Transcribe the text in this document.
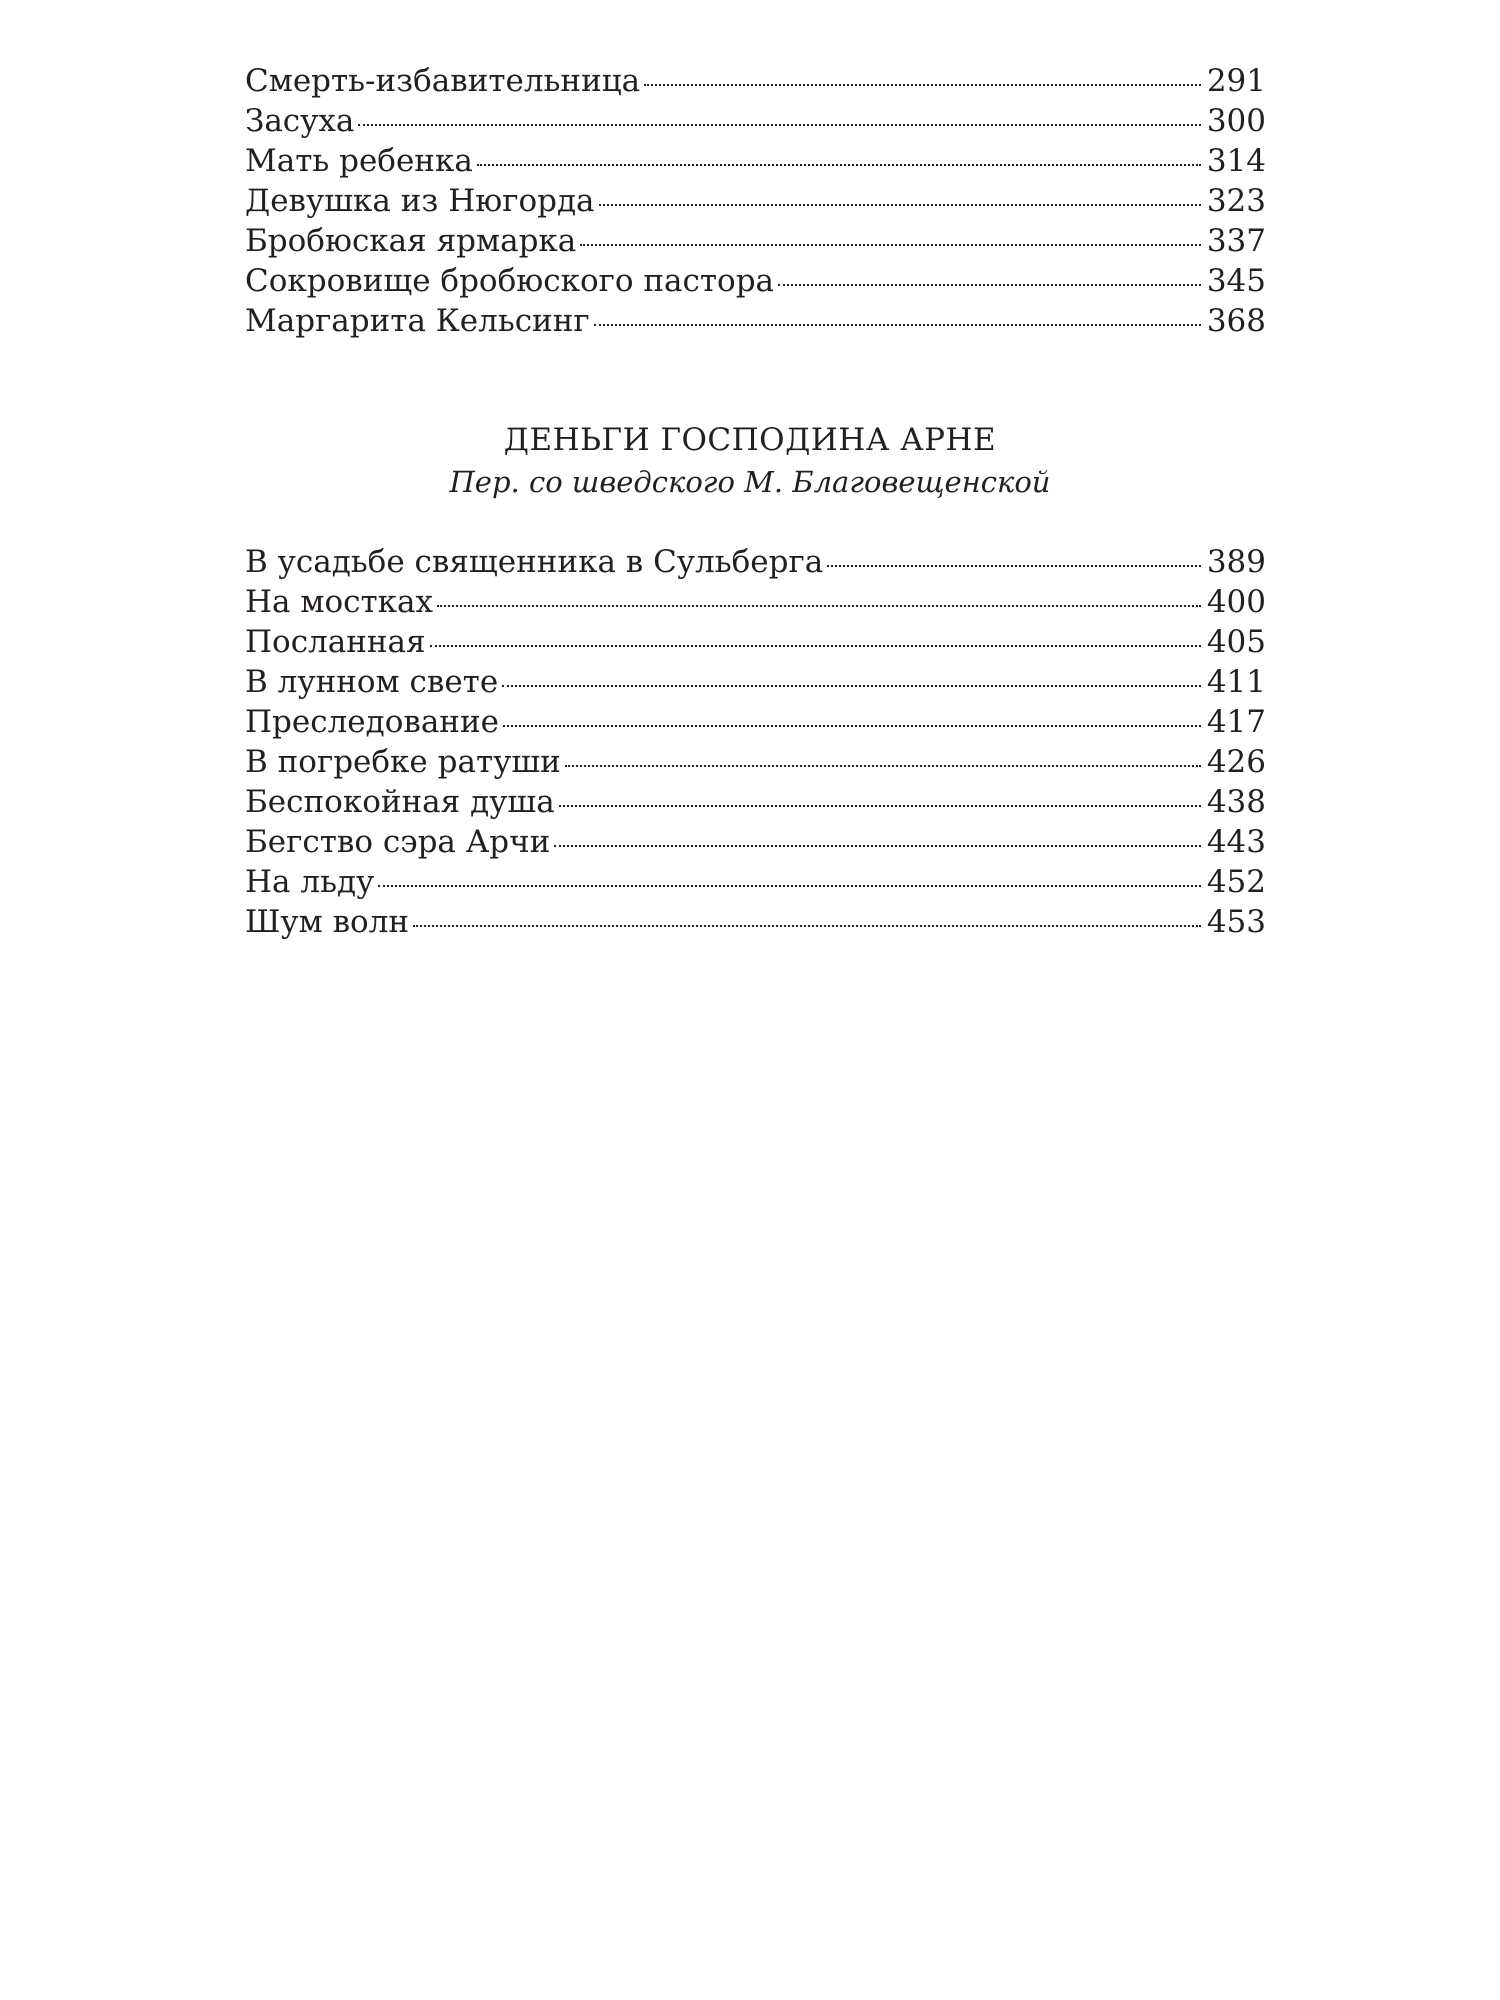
Смерть-избавительница	291
Засуха	300
Мать ребенка	314
Девушка из Нюгорда	323
Бробюская ярмарка	337
Сокровище бробюского пастора	345
Маргарита Кельсинг	368
ДЕНЬГИ ГОСПОДИНА АРНЕ
Пер. со шведского М. Благовещенской
В усадьбе священника в Сульберга	389
На мостках	400
Посланная	405
В лунном свете	411
Преследование	417
В погребке ратуши	426
Беспокойная душа	438
Бегство сэра Арчи	443
На льду	452
Шум волн	453
